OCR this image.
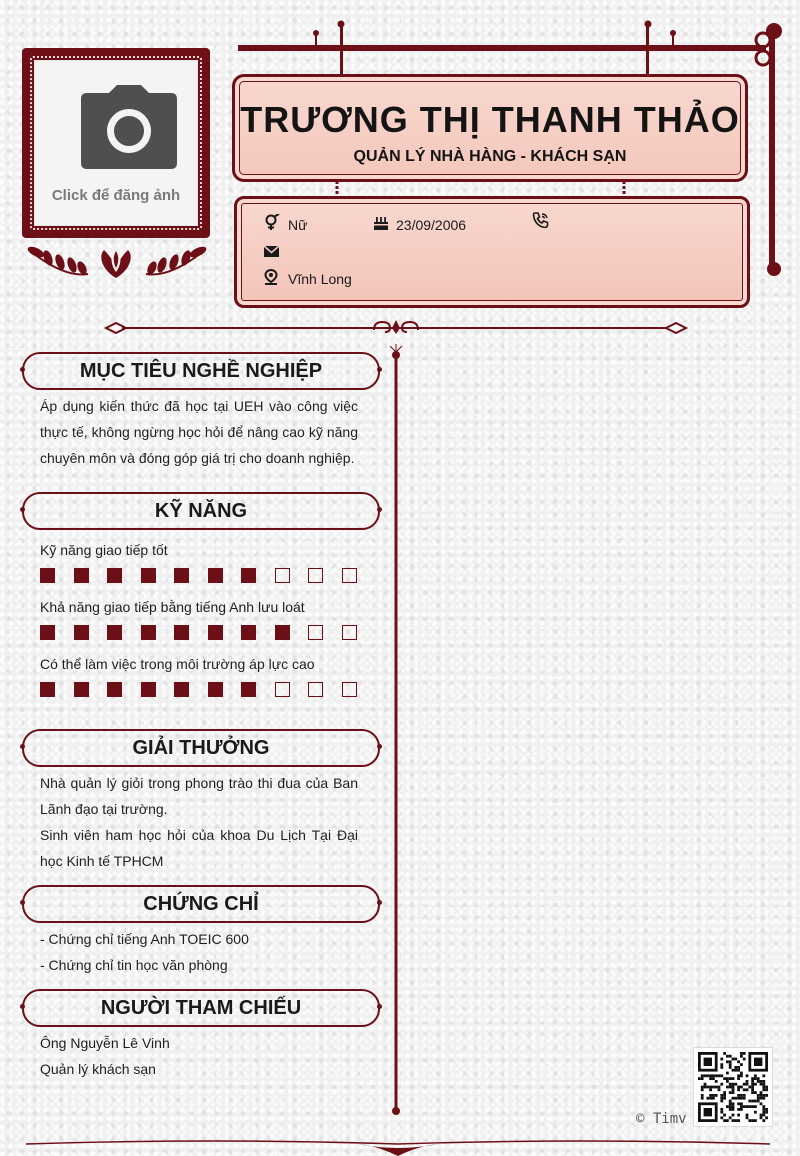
Click để đăng ảnh
TRƯƠNG THỊ THANH THẢO
QUẢN LÝ NHÀ HÀNG - KHÁCH SẠN
Nữ	23/09/2006
Vĩnh Long
MỤC TIÊU NGHỀ NGHIỆP
Áp dụng kiến thức đã học tại UEH vào công việc thực tế, không ngừng học hỏi để nâng cao kỹ năng chuyên môn và đóng góp giá trị cho doanh nghiệp.
KỸ NĂNG
Kỹ năng giao tiếp tốt
Khả năng giao tiếp bằng tiếng Anh lưu loát
Có thể làm việc trong môi trường áp lực cao
GIẢI THƯỞNG
Nhà quản lý giỏi trong phong trào thi đua của Ban Lãnh đạo tại trường.
Sinh viên ham học hỏi của khoa Du Lịch Tại Đại học Kinh tế TPHCM
CHỨNG CHỈ
- Chứng chỉ tiếng Anh TOEIC 600
- Chứng chỉ tin học văn phòng
NGƯỜI THAM CHIẾU
Ông Nguyễn Lê Vinh
Quản lý khách sạn
© Timv
